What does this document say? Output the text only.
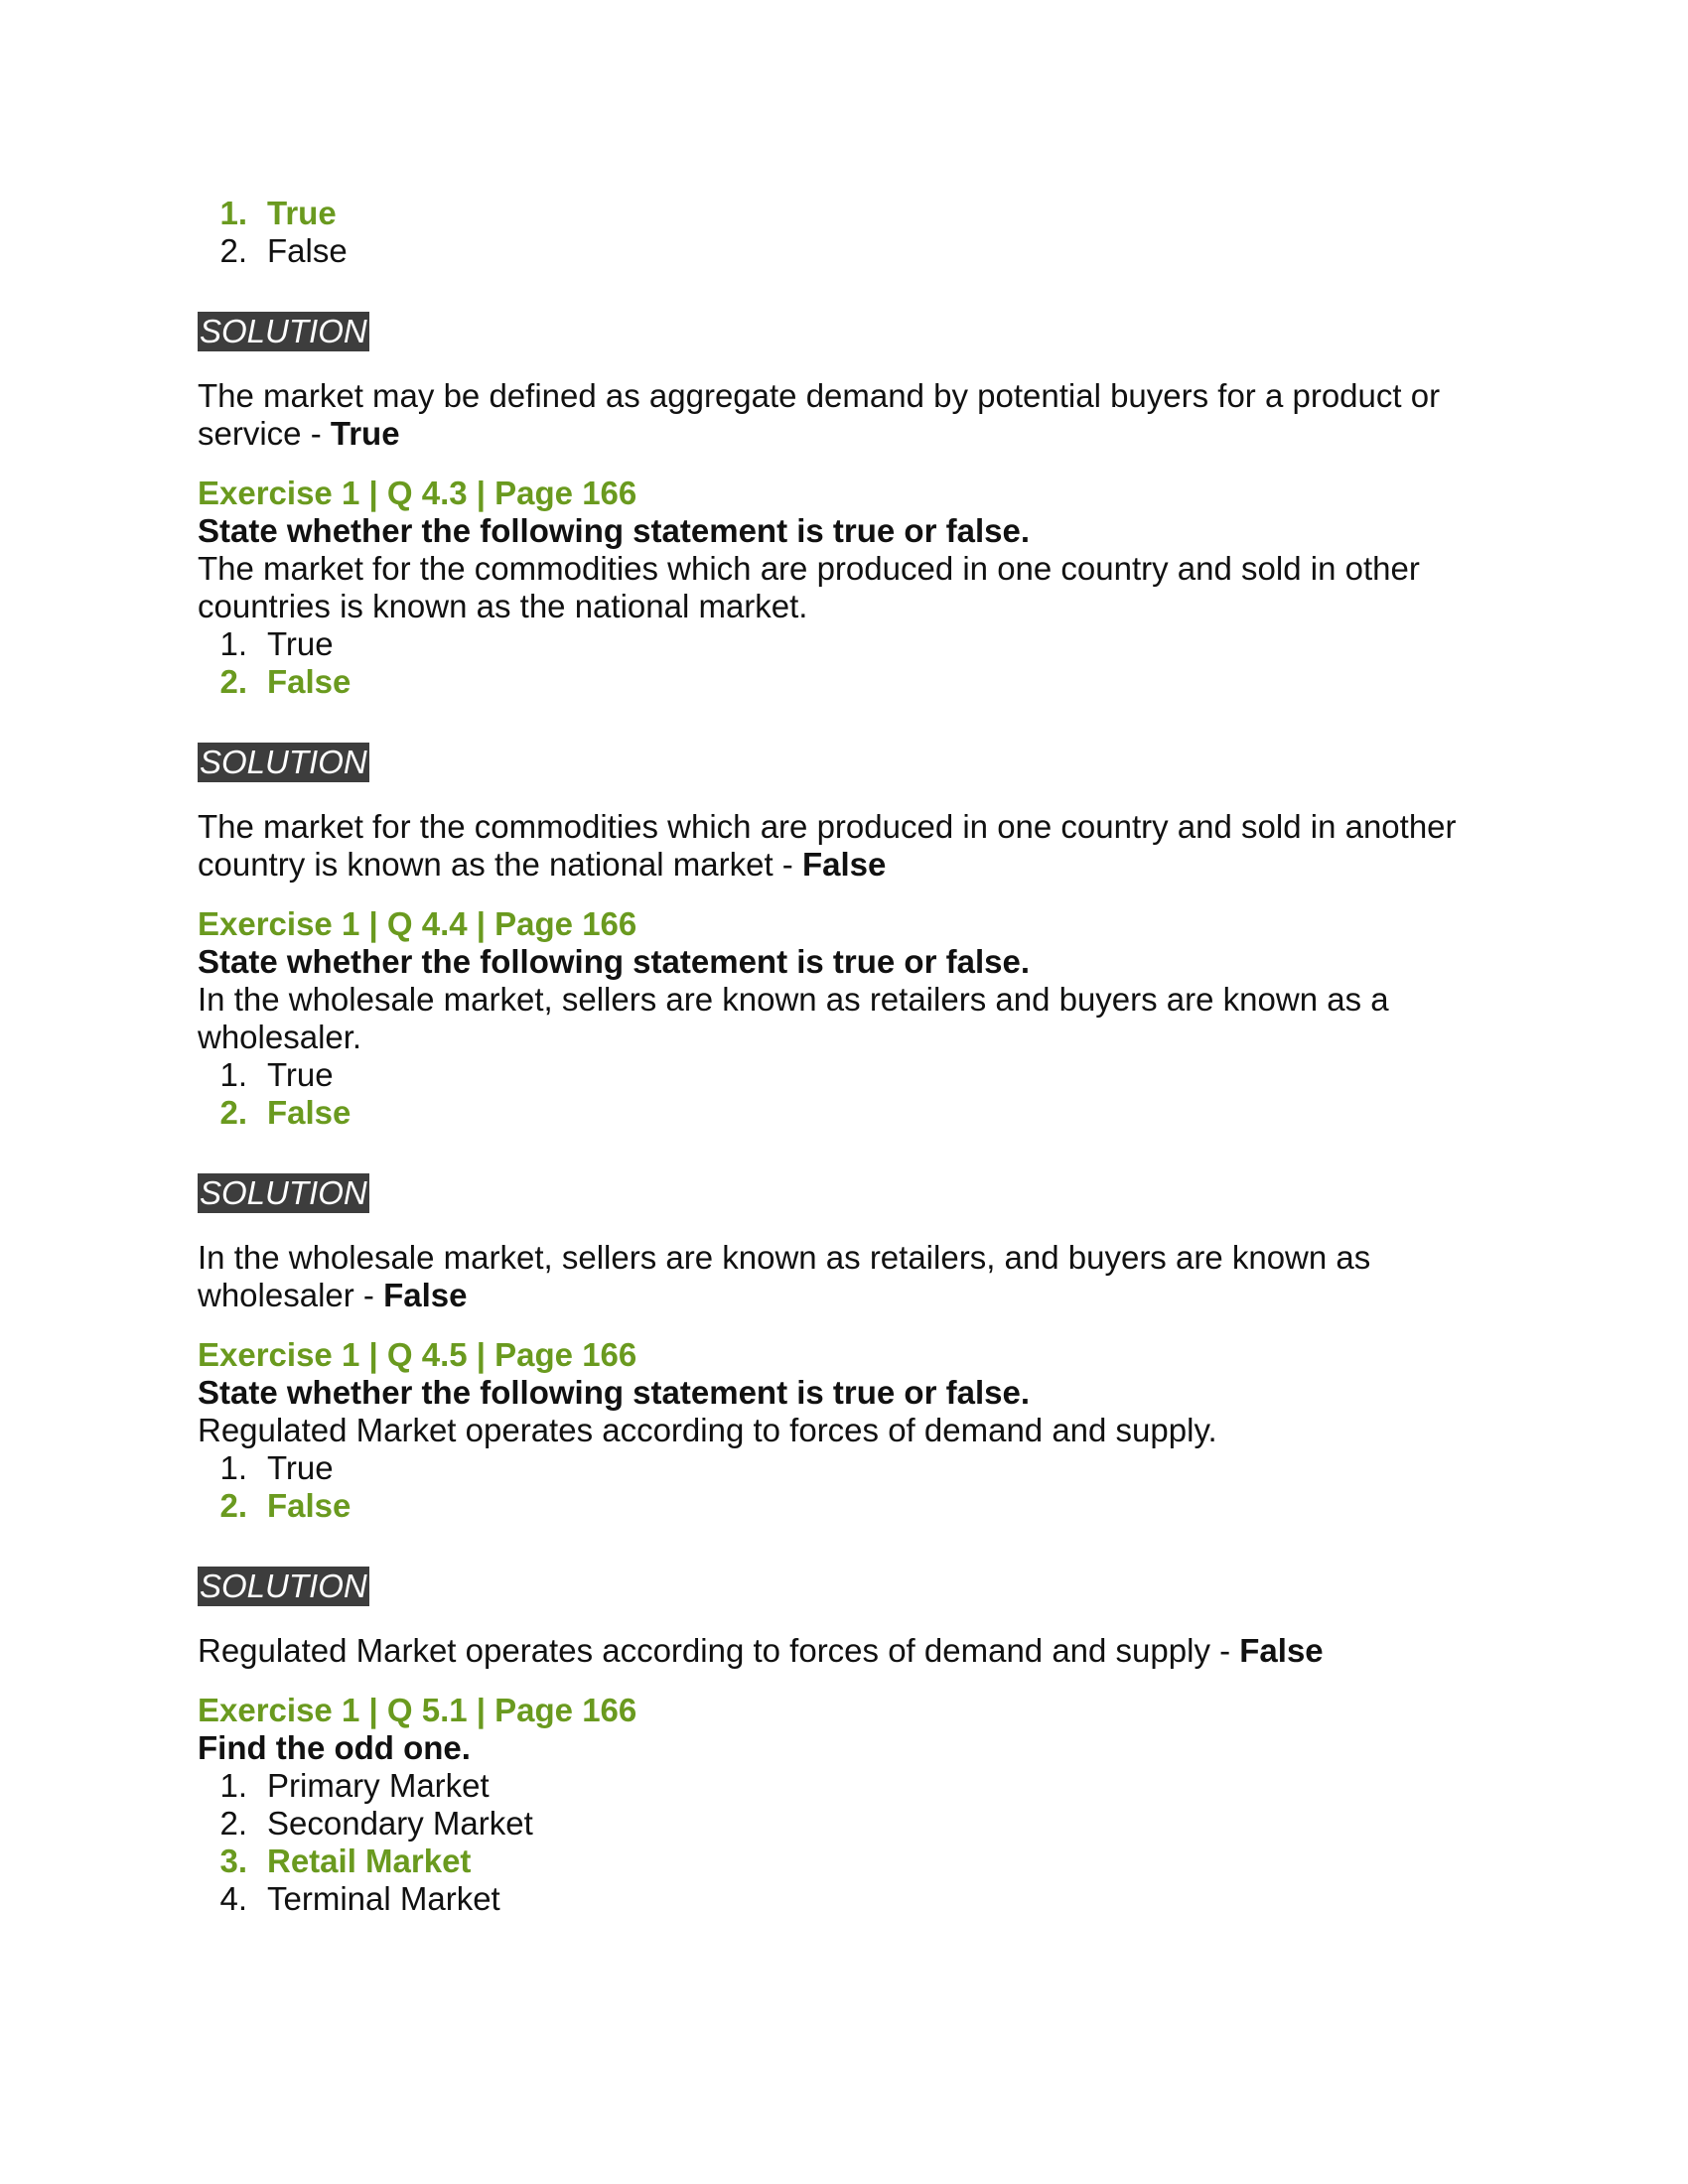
1. True
2. False
SOLUTION
The market may be defined as aggregate demand by potential buyers for a product or service - True
Exercise 1 | Q 4.3 | Page 166
State whether the following statement is true or false.
The market for the commodities which are produced in one country and sold in other countries is known as the national market.
1. True
2. False
SOLUTION
The market for the commodities which are produced in one country and sold in another country is known as the national market - False
Exercise 1 | Q 4.4 | Page 166
State whether the following statement is true or false.
In the wholesale market, sellers are known as retailers and buyers are known as a wholesaler.
1. True
2. False
SOLUTION
In the wholesale market, sellers are known as retailers, and buyers are known as wholesaler - False
Exercise 1 | Q 4.5 | Page 166
State whether the following statement is true or false.
Regulated Market operates according to forces of demand and supply.
1. True
2. False
SOLUTION
Regulated Market operates according to forces of demand and supply - False
Exercise 1 | Q 5.1 | Page 166
Find the odd one.
1. Primary Market
2. Secondary Market
3. Retail Market
4. Terminal Market
